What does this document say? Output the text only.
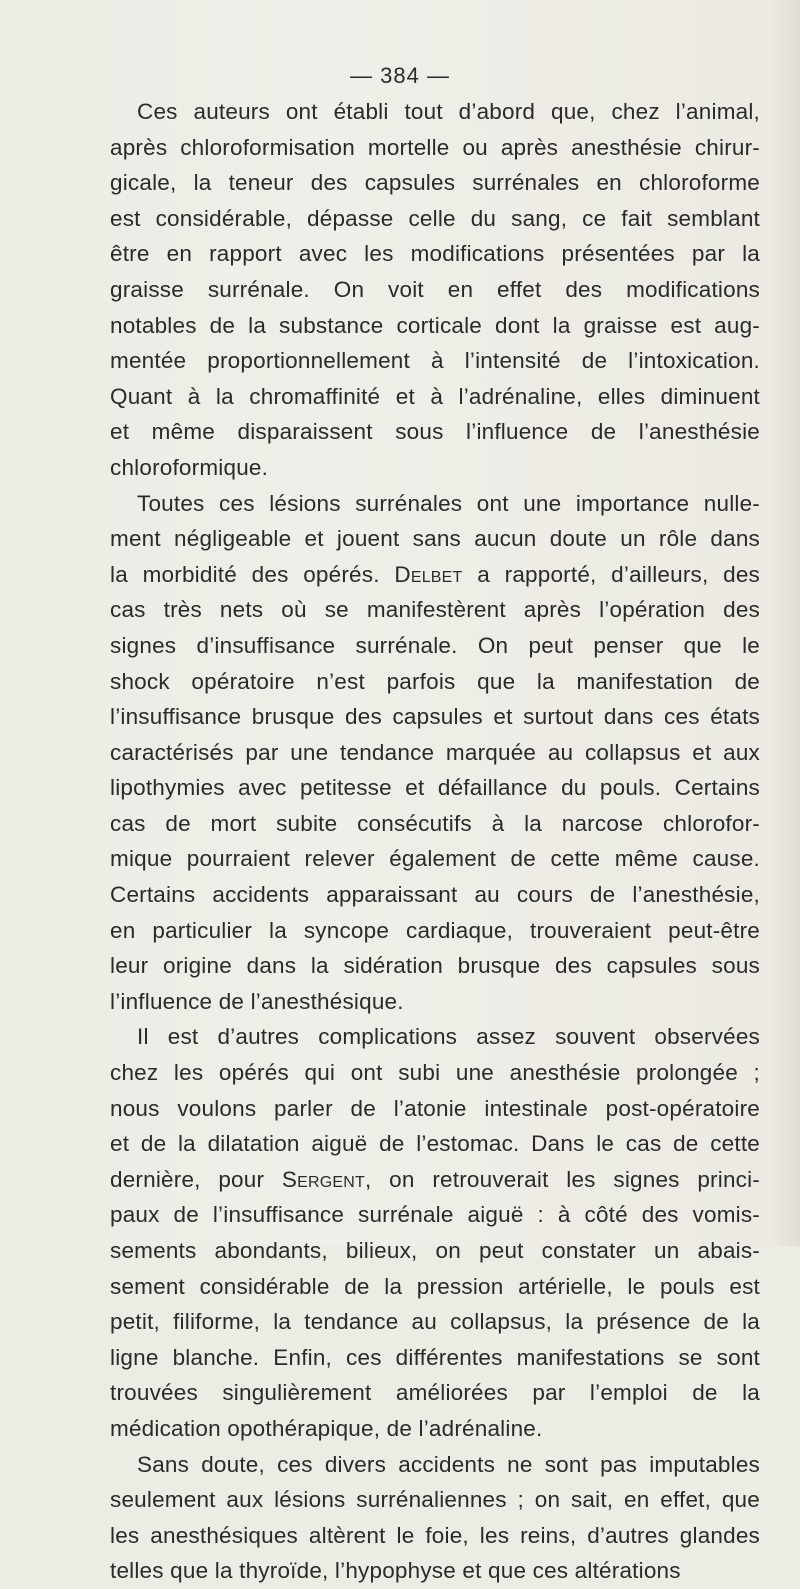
— 384 —
Ces auteurs ont établi tout d’abord que, chez l’animal,
après chloroformisation mortelle ou après anesthésie chirur-
gicale, la teneur des capsules surrénales en chloroforme
est considérable, dépasse celle du sang, ce fait semblant
être en rapport avec les modifications présentées par la
graisse surrénale. On voit en effet des modifications
notables de la substance corticale dont la graisse est aug-
mentée proportionnellement à l’intensité de l’intoxication.
Quant à la chromaffinité et à l’adrénaline, elles diminuent
et même disparaissent sous l’influence de l’anesthésie
chloroformique.
Toutes ces lésions surrénales ont une importance nulle-
ment négligeable et jouent sans aucun doute un rôle dans
la morbidité des opérés. Delbet a rapporté, d’ailleurs, des
cas très nets où se manifestèrent après l’opération des
signes d’insuffisance surrénale. On peut penser que le
shock opératoire n’est parfois que la manifestation de
l’insuffisance brusque des capsules et surtout dans ces états
caractérisés par une tendance marquée au collapsus et aux
lipothymies avec petitesse et défaillance du pouls. Certains
cas de mort subite consécutifs à la narcose chlorofor-
mique pourraient relever également de cette même cause.
Certains accidents apparaissant au cours de l’anesthésie,
en particulier la syncope cardiaque, trouveraient peut-être
leur origine dans la sidération brusque des capsules sous
l’influence de l’anesthésique.
Il est d’autres complications assez souvent observées
chez les opérés qui ont subi une anesthésie prolongée ;
nous voulons parler de l’atonie intestinale post-opératoire
et de la dilatation aiguë de l’estomac. Dans le cas de cette
dernière, pour Sergent, on retrouverait les signes princi-
paux de l’insuffisance surrénale aiguë : à côté des vomis-
sements abondants, bilieux, on peut constater un abais-
sement considérable de la pression artérielle, le pouls est
petit, filiforme, la tendance au collapsus, la présence de la
ligne blanche. Enfin, ces différentes manifestations se sont
trouvées singulièrement améliorées par l’emploi de la
médication opothérapique, de l’adrénaline.
Sans doute, ces divers accidents ne sont pas imputables
seulement aux lésions surrénaliennes ; on sait, en effet, que
les anesthésiques altèrent le foie, les reins, d’autres glandes
telles que la thyroïde, l’hypophyse et que ces altérations
